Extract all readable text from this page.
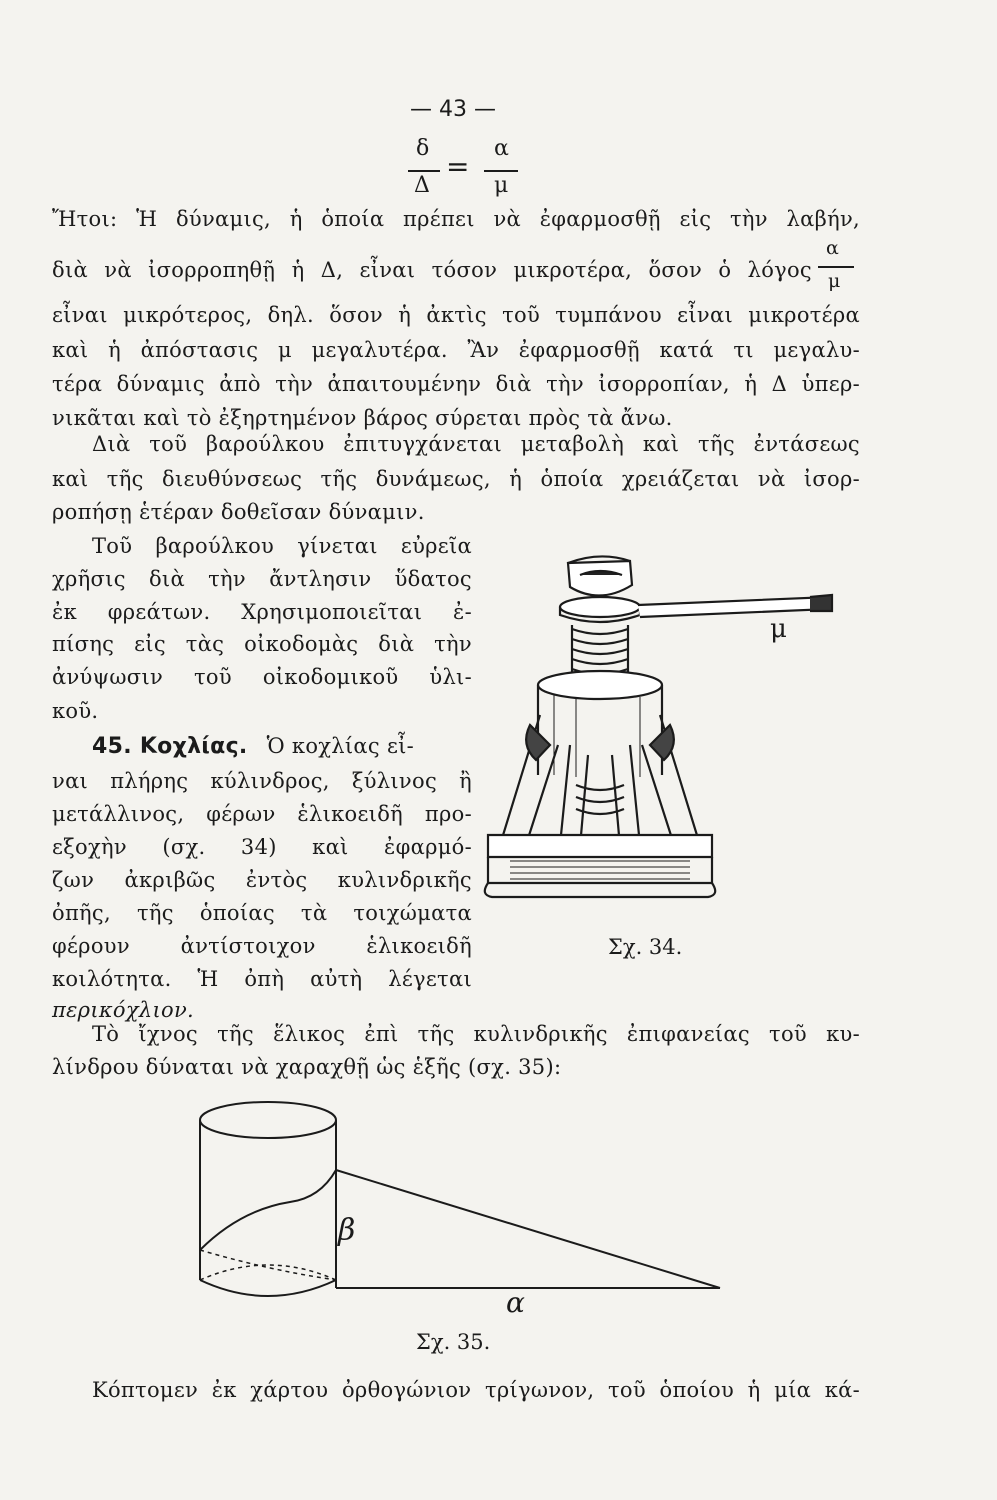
— 43 —
δ
Δ
=
α
μ
Ἤτοι: Ἡ δύναμις, ἡ ὁποία πρέπει νὰ ἐφαρμοσθῇ εἰς τὴν λαβήν,
διὰ νὰ ἰσορροπηθῇ ἡ Δ, εἶναι τόσον μικροτέρα, ὅσον ὁ λόγος
α
μ
εἶναι μικρότερος, δηλ. ὅσον ἡ ἀκτὶς τοῦ τυμπάνου εἶναι μικροτέρα
καὶ ἡ ἀπόστασις μ μεγαλυτέρα. Ἂν ἐφαρμοσθῇ κατά τι μεγαλυ-
τέρα δύναμις ἀπὸ τὴν ἀπαιτουμένην διὰ τὴν ἰσορροπίαν, ἡ Δ ὑπερ-
νικᾶται καὶ τὸ ἐξηρτημένον βάρος σύρεται πρὸς τὰ ἄνω.
Διὰ τοῦ βαρούλκου ἐπιτυγχάνεται μεταβολὴ καὶ τῆς ἐντάσεως
καὶ τῆς διευθύνσεως τῆς δυνάμεως, ἡ ὁποία χρειάζεται νὰ ἰσορ-
ροπήσῃ ἑτέραν δοθεῖσαν δύναμιν.
Τοῦ βαρούλκου γίνεται εὐρεῖα
χρῆσις διὰ τὴν ἄντλησιν ὕδατος
ἐκ φρεάτων. Χρησιμοποιεῖται ἐ-
πίσης εἰς τὰς οἰκοδομὰς διὰ τὴν
ἀνύψωσιν τοῦ οἰκοδομικοῦ ὑλι-
κοῦ.
45. Κοχλίας. Ὁ κοχλίας εἶ-
ναι πλήρης κύλινδρος, ξύλινος ἢ
μετάλλινος, φέρων ἑλικοειδῆ προ-
εξοχὴν (σχ. 34) καὶ ἐφαρμό-
ζων ἀκριβῶς ἐντὸς κυλινδρικῆς
ὀπῆς, τῆς ὁποίας τὰ τοιχώματα
φέρουν ἀντίστοιχον ἑλικοειδῆ
κοιλότητα. Ἡ ὀπὴ αὐτὴ λέγεται
περικόχλιον.
μ
Σχ. 34.
Τὸ ἴχνος τῆς ἕλικος ἐπὶ τῆς κυλινδρικῆς ἐπιφανείας τοῦ κυ-
λίνδρου δύναται νὰ χαραχθῇ ὡς ἑξῆς (σχ. 35):
β
α
Σχ. 35.
Κόπτομεν ἐκ χάρτου ὀρθογώνιον τρίγωνον, τοῦ ὁποίου ἡ μία κά-
